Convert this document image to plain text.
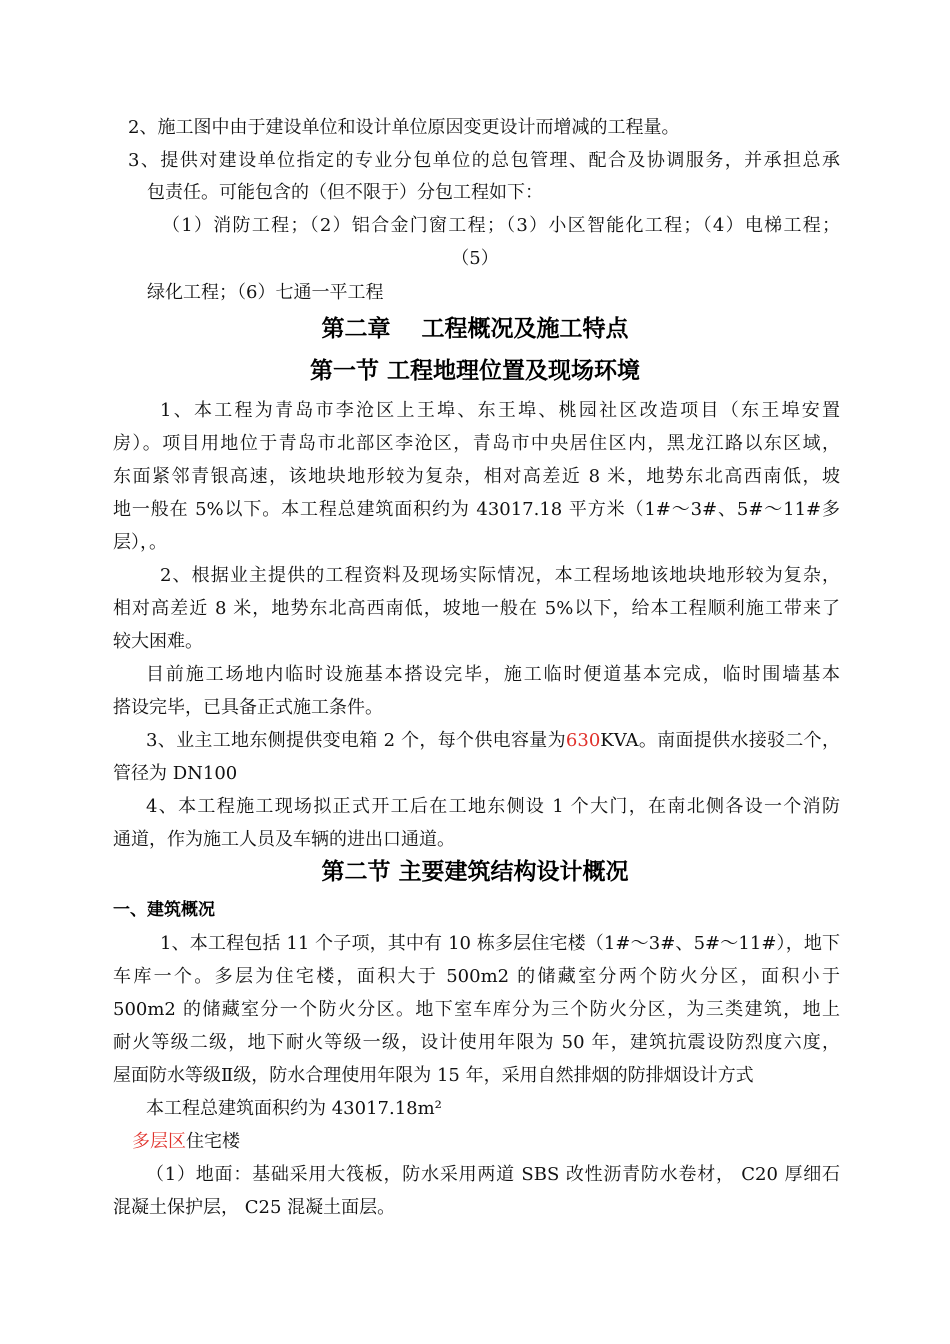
2、施工图中由于建设单位和设计单位原因变更设计而增减的工程量。
3、提供对建设单位指定的专业分包单位的总包管理、配合及协调服务，并承担总承
包责任。可能包含的（但不限于）分包工程如下：
（1）消防工程；（2）铝合金门窗工程；（3）小区智能化工程；（4）电梯工程；
（5）
绿化工程；（6）七通一平工程
第二章　 工程概况及施工特点
第一节 工程地理位置及现场环境
1、本工程为青岛市李沧区上王埠、东王埠、桃园社区改造项目（东王埠安置
房）。项目用地位于青岛市北部区李沧区，青岛市中央居住区内，黑龙江路以东区域，
东面紧邻青银高速，该地块地形较为复杂，相对高差近 8 米，地势东北高西南低，坡
地一般在 5%以下。本工程总建筑面积约为 43017.18 平方米（1#～3#、5#～11#多
层），。
2、根据业主提供的工程资料及现场实际情况，本工程场地该地块地形较为复杂，
相对高差近 8 米，地势东北高西南低，坡地一般在 5%以下，给本工程顺利施工带来了
较大困难。
目前施工场地内临时设施基本搭设完毕，施工临时便道基本完成，临时围墙基本
搭设完毕，已具备正式施工条件。
3、业主工地东侧提供变电箱 2 个，每个供电容量为630KVA。南面提供水接驳二个，
管径为 DN100
4、本工程施工现场拟正式开工后在工地东侧设 1 个大门，在南北侧各设一个消防
通道，作为施工人员及车辆的进出口通道。
第二节 主要建筑结构设计概况
一、建筑概况
1、本工程包括 11 个子项，其中有 10 栋多层住宅楼（1#～3#、5#～11#），地下
车库一个。多层为住宅楼，面积大于 500m2 的储藏室分两个防火分区，面积小于
500m2 的储藏室分一个防火分区。地下室车库分为三个防火分区，为三类建筑，地上
耐火等级二级，地下耐火等级一级，设计使用年限为 50 年，建筑抗震设防烈度六度，
屋面防水等级Ⅱ级，防水合理使用年限为 15 年，采用自然排烟的防排烟设计方式
本工程总建筑面积约为 43017.18m²
多层区住宅楼
（1）地面：基础采用大筏板，防水采用两道 SBS 改性沥青防水卷材， C20 厚细石
混凝土保护层， C25 混凝土面层。
